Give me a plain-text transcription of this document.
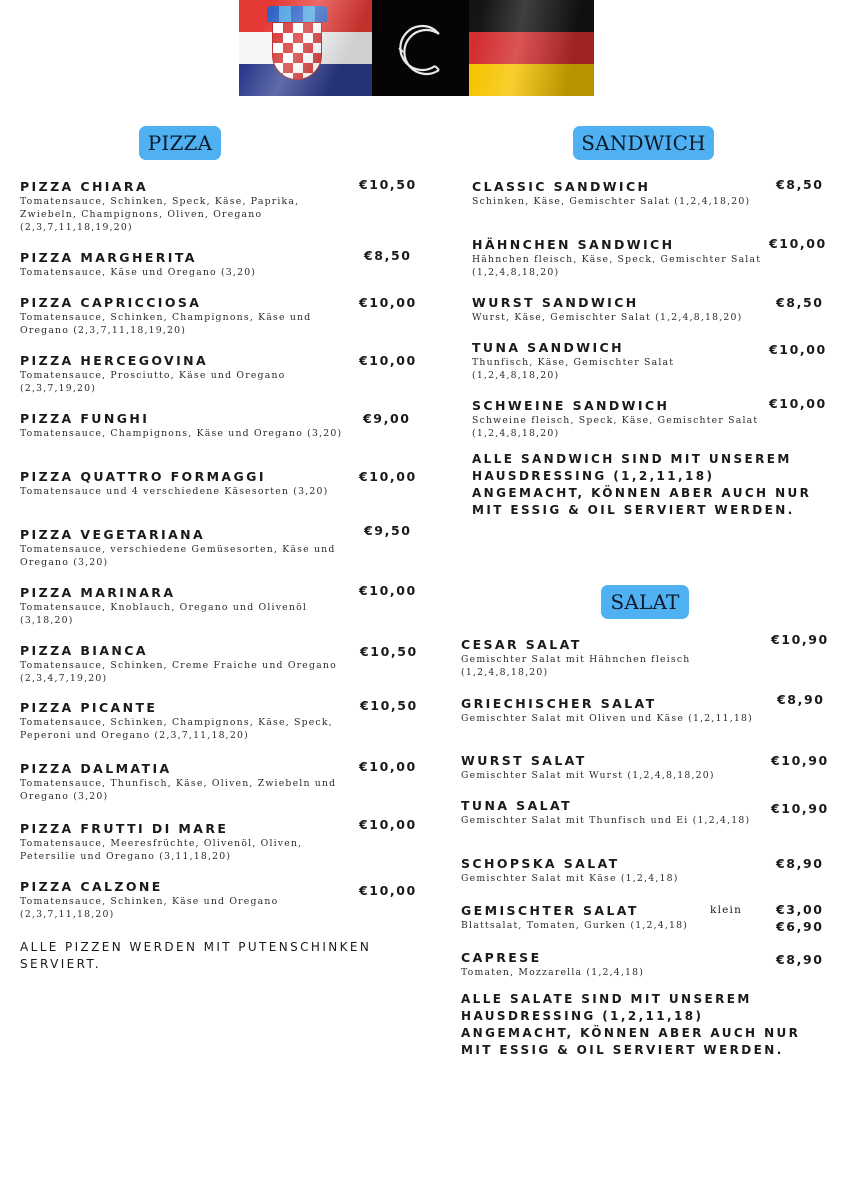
PIZZA
PIZZA CHIARA
Tomatensauce, Schinken, Speck, Käse, Paprika, Zwiebeln, Champignons, Oliven, Oregano (2,3,7,11,18,19,20)
€10,50
PIZZA MARGHERITA
Tomatensauce, Käse und Oregano (3,20)
€8,50
PIZZA CAPRICCIOSA
Tomatensauce, Schinken, Champignons, Käse und Oregano (2,3,7,11,18,19,20)
€10,00
PIZZA HERCEGOVINA
Tomatensauce, Prosciutto, Käse und Oregano (2,3,7,19,20)
€10,00
PIZZA FUNGHI
Tomatensauce, Champignons, Käse und Oregano (3,20)
€9,00
PIZZA QUATTRO FORMAGGI
Tomatensauce und 4 verschiedene Käsesorten (3,20)
€10,00
PIZZA VEGETARIANA
Tomatensauce, verschiedene Gemüsesorten, Käse und Oregano (3,20)
€9,50
PIZZA MARINARA
Tomatensauce, Knoblauch, Oregano und Olivenöl (3,18,20)
€10,00
PIZZA BIANCA
Tomatensauce, Schinken, Creme Fraiche und Oregano (2,3,4,7,19,20)
€10,50
PIZZA PICANTE
Tomatensauce, Schinken, Champignons, Käse, Speck, Peperoni und Oregano (2,3,7,11,18,20)
€10,50
PIZZA DALMATIA
Tomatensauce, Thunfisch, Käse, Oliven, Zwiebeln und Oregano (3,20)
€10,00
PIZZA FRUTTI DI MARE
Tomatensauce, Meeresfrüchte, Olivenöl, Oliven, Petersilie und Oregano (3,11,18,20)
€10,00
PIZZA CALZONE
Tomatensauce, Schinken, Käse und Oregano (2,3,7,11,18,20)
€10,00
ALLE PIZZEN WERDEN MIT PUTENSCHINKEN SERVIERT.
SANDWICH
CLASSIC SANDWICH
Schinken, Käse, Gemischter Salat (1,2,4,18,20)
€8,50
HÄHNCHEN SANDWICH
Hähnchen fleisch, Käse, Speck, Gemischter Salat (1,2,4,8,18,20)
€10,00
WURST SANDWICH
Wurst, Käse, Gemischter Salat (1,2,4,8,18,20)
€8,50
TUNA SANDWICH
Thunfisch, Käse, Gemischter Salat (1,2,4,8,18,20)
€10,00
SCHWEINE SANDWICH
Schweine fleisch, Speck, Käse, Gemischter Salat (1,2,4,8,18,20)
€10,00
ALLE SANDWICH SIND MIT UNSEREM HAUSDRESSING (1,2,11,18) ANGEMACHT, KÖNNEN ABER AUCH NUR MIT ESSIG & OIL SERVIERT WERDEN.
SALAT
CESAR SALAT
Gemischter Salat mit Hähnchen fleisch (1,2,4,8,18,20)
€10,90
GRIECHISCHER SALAT
Gemischter Salat mit Oliven und Käse (1,2,11,18)
€8,90
WURST SALAT
Gemischter Salat mit Wurst (1,2,4,8,18,20)
€10,90
TUNA SALAT
Gemischter Salat mit Thunfisch und Ei (1,2,4,18)
€10,90
SCHOPSKA SALAT
Gemischter Salat mit Käse (1,2,4,18)
€8,90
GEMISCHTER SALAT
Blattsalat, Tomaten, Gurken (1,2,4,18)
klein	€3,00
€6,90
CAPRESE
Tomaten, Mozzarella (1,2,4,18)
€8,90
ALLE SALATE SIND MIT UNSEREM HAUSDRESSING (1,2,11,18) ANGEMACHT, KÖNNEN ABER AUCH NUR MIT ESSIG & OIL SERVIERT WERDEN.
